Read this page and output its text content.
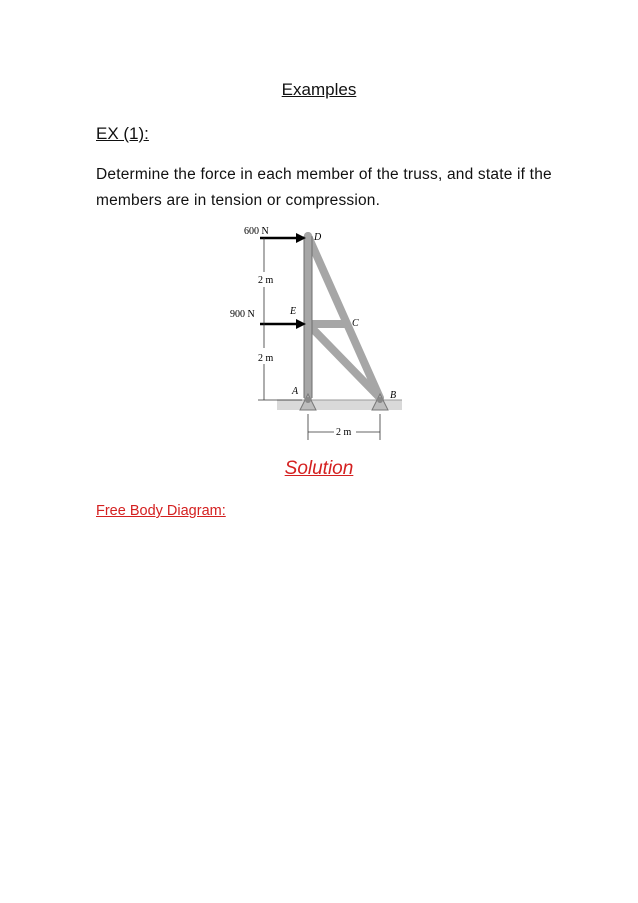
Examples
EX (1):

Determine the force in each member of the truss, and state if the members are in tension or compression.

600 N
900 N
2 m
2 m
2 m
D
E
C
A	B
Solution
Free Body Diagram:
